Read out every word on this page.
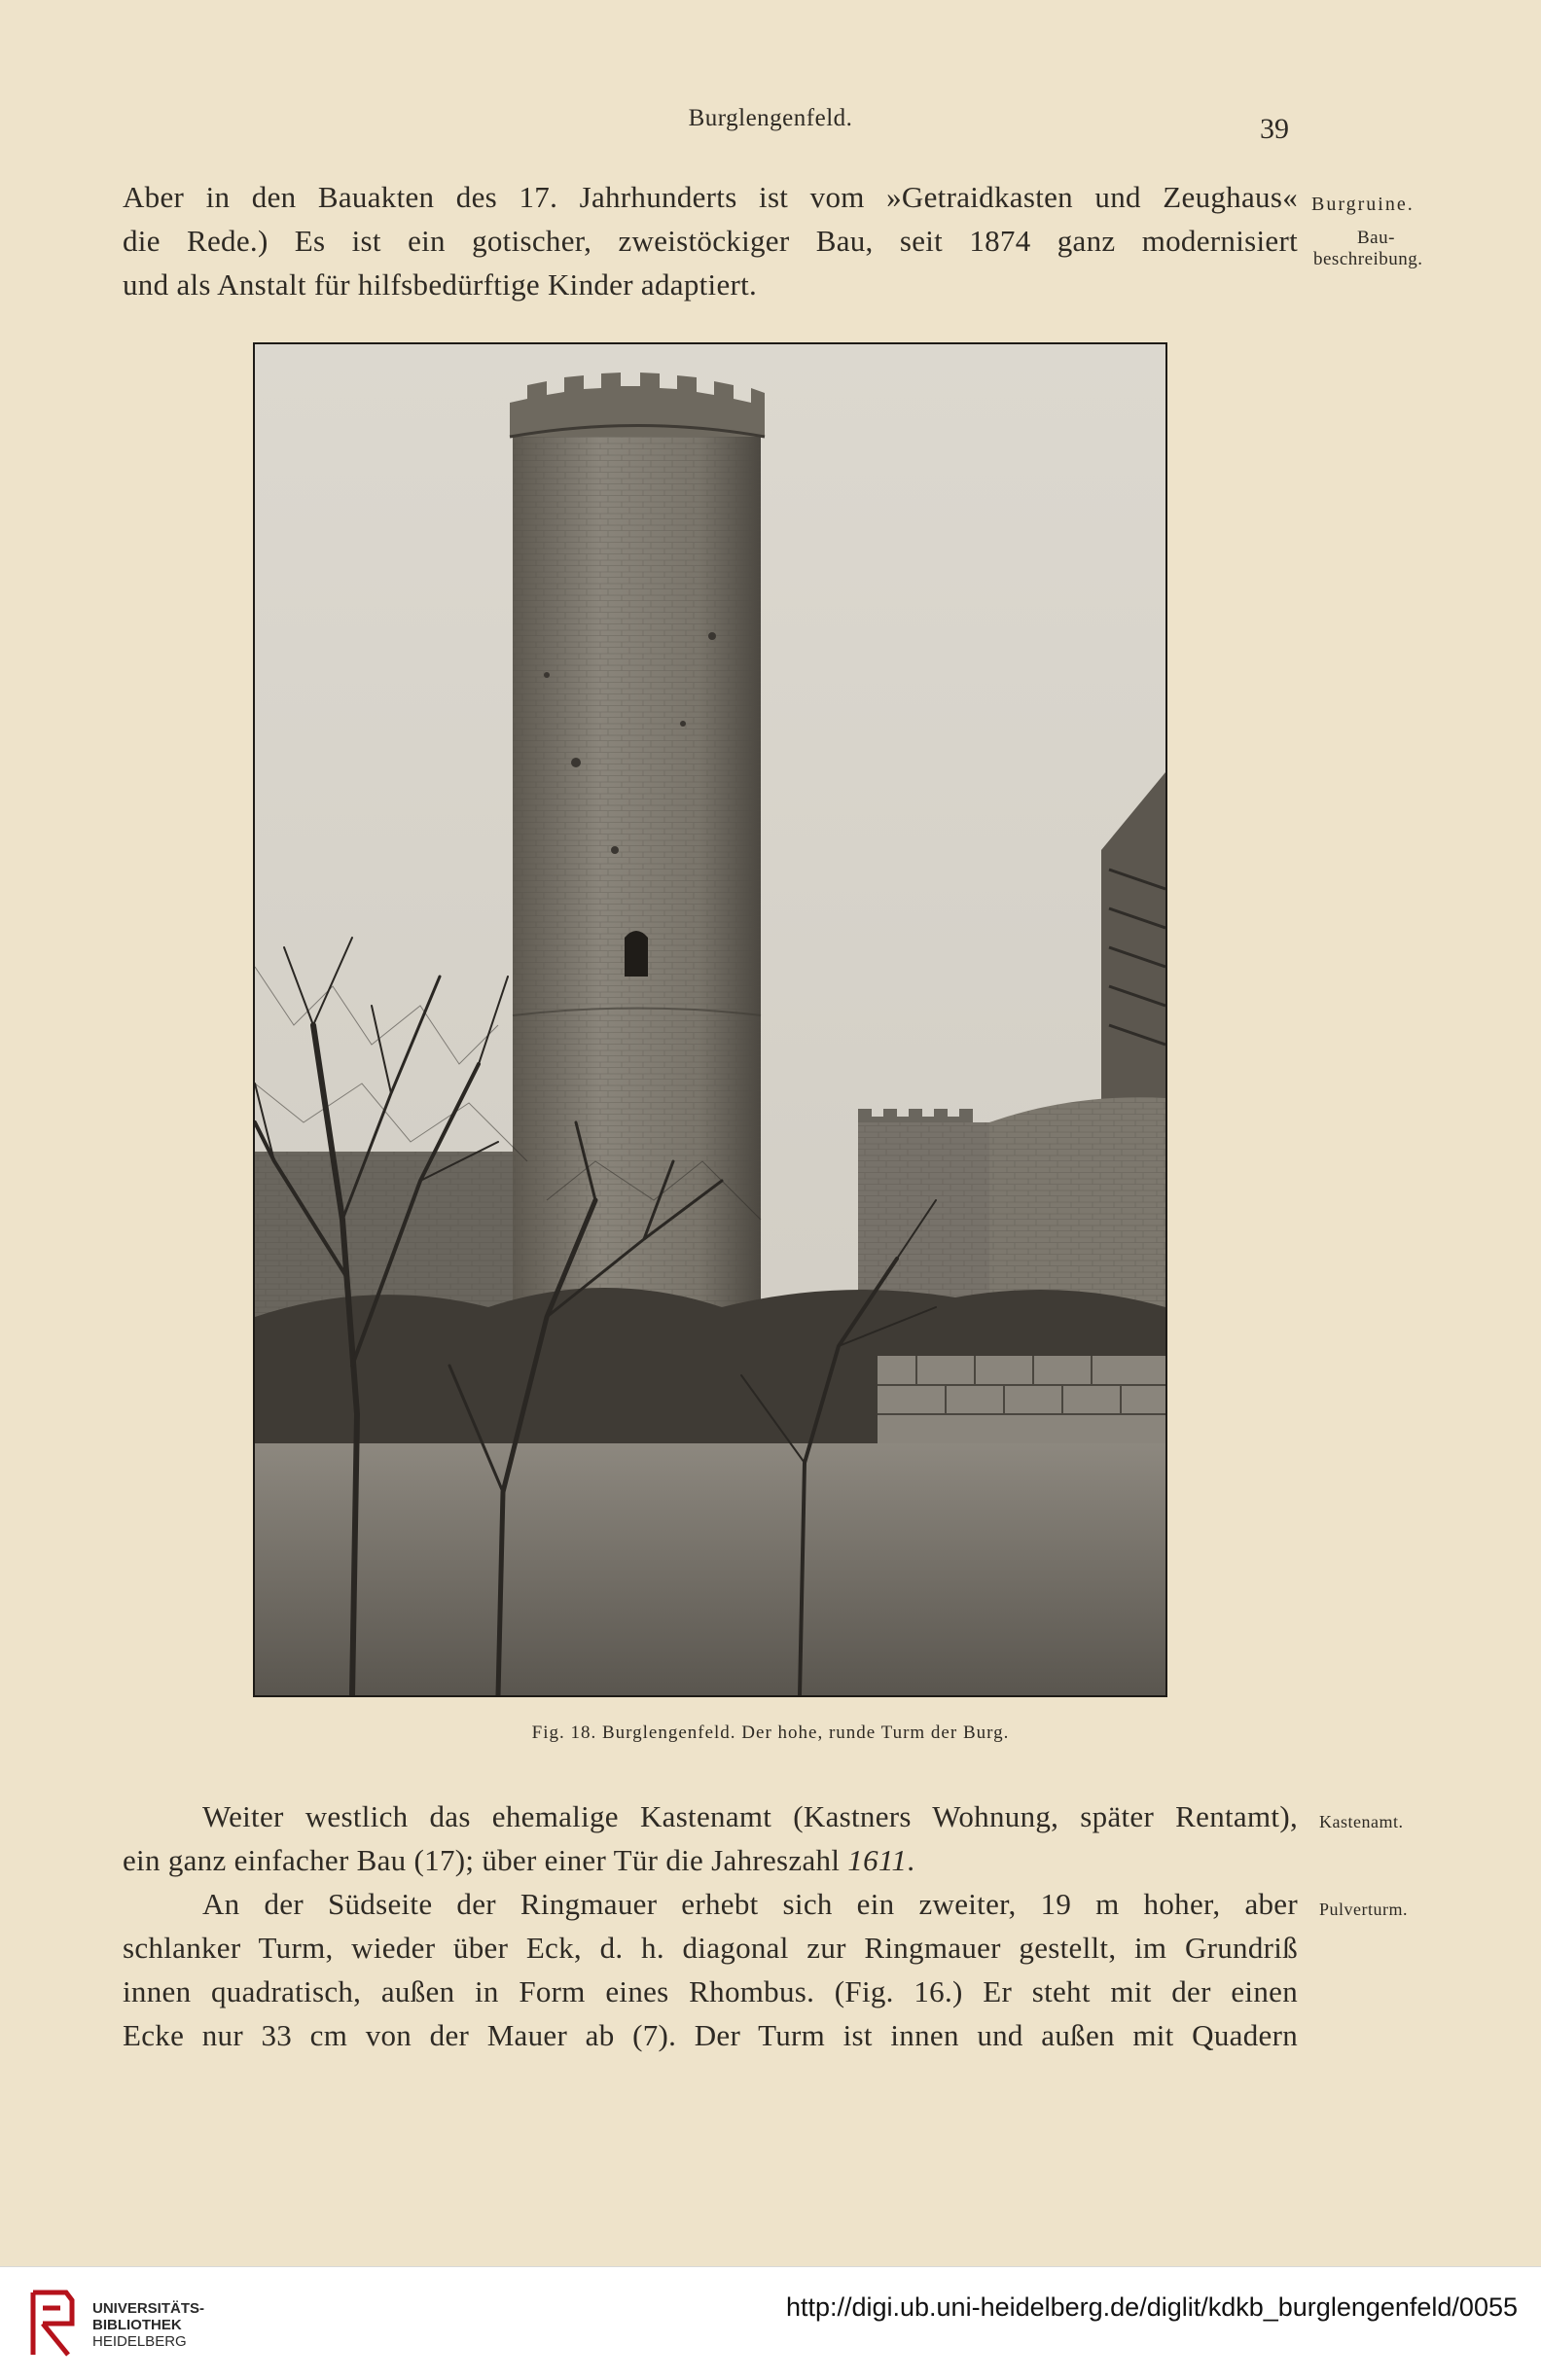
Burglengenfeld.	39
Aber in den Bauakten des 17. Jahrhunderts ist vom »Getraidkasten und Zeughaus«
die Rede.) Es ist ein gotischer, zweistöckiger Bau, seit 1874 ganz modernisiert
und als Anstalt für hilfsbedürftige Kinder adaptiert.
Burgruine.
Bau-
beschreibung.
Fig. 18. Burglengenfeld. Der hohe, runde Turm der Burg.
Weiter westlich das ehemalige Kastenamt (Kastners Wohnung, später Rentamt),
ein ganz einfacher Bau (17); über einer Tür die Jahreszahl 1611.
Kastenamt.
An der Südseite der Ringmauer erhebt sich ein zweiter, 19 m hoher, aber
schlanker Turm, wieder über Eck, d. h. diagonal zur Ringmauer gestellt, im Grundriß
innen quadratisch, außen in Form eines Rhombus. (Fig. 16.) Er steht mit der einen
Ecke nur 33 cm von der Mauer ab (7). Der Turm ist innen und außen mit Quadern
Pulverturm.
UNIVERSITÄTS-
BIBLIOTHEK
HEIDELBERG
http://digi.ub.uni-heidelberg.de/diglit/kdkb_burglengenfeld/0055
